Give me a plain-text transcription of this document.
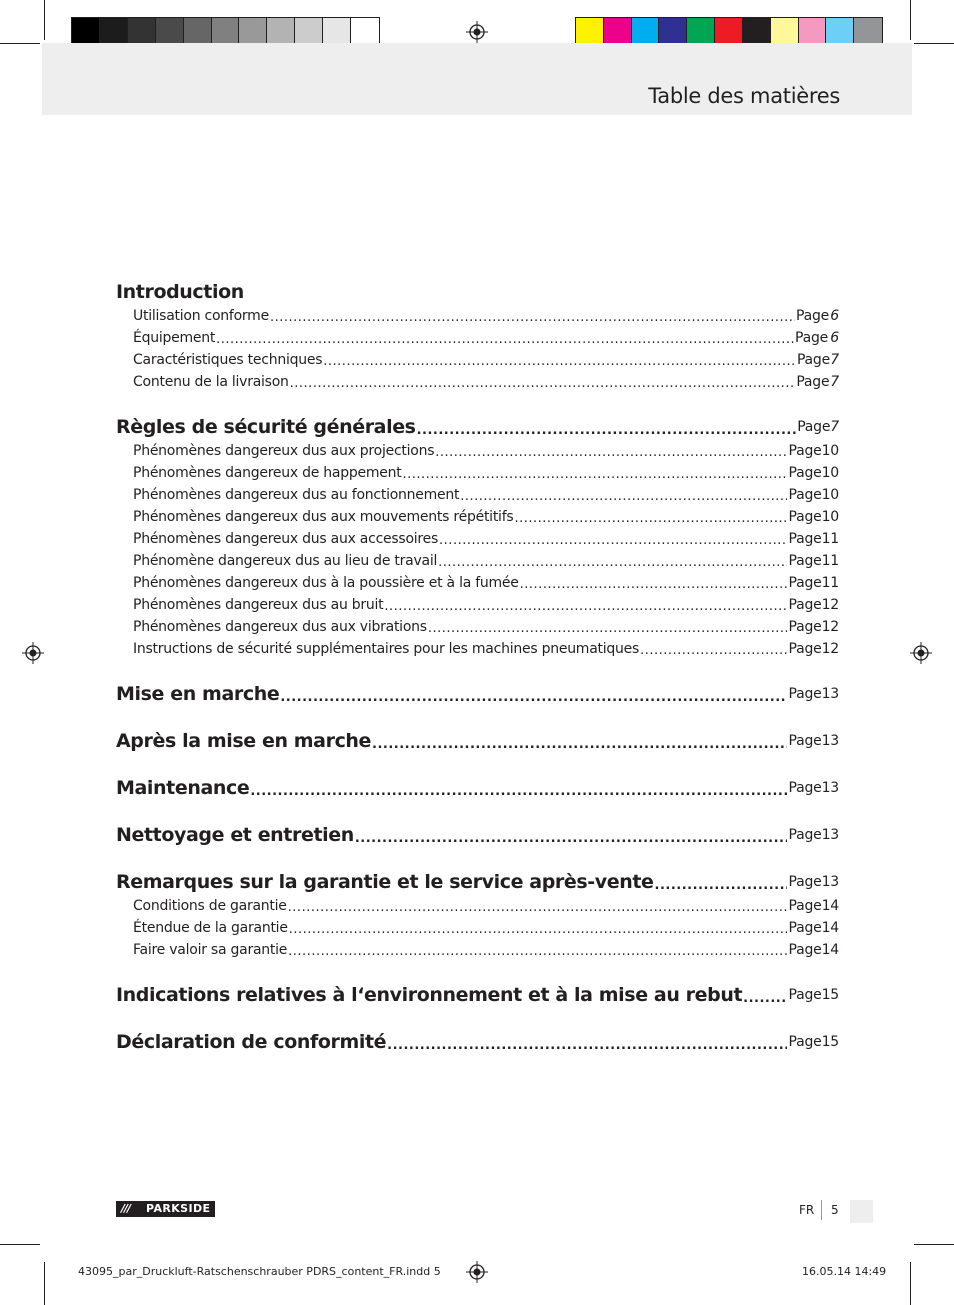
Table des matières
Introduction
Utilisation conforme .....	Page 6
Équipement .....	Page 6
Caractéristiques techniques .....	Page 7
Contenu de la livraison .....	Page 7
Règles de sécurité générales .....	Page 7
Phénomènes dangereux dus aux projections .....	Page 10
Phénomènes dangereux de happement .....	Page 10
Phénomènes dangereux dus au fonctionnement .....	Page 10
Phénomènes dangereux dus aux mouvements répétitifs .....	Page 10
Phénomènes dangereux dus aux accessoires .....	Page 11
Phénomène dangereux dus au lieu de travail .....	Page 11
Phénomènes dangereux dus à la poussière et à la fumée .....	Page 11
Phénomènes dangereux dus au bruit .....	Page 12
Phénomènes dangereux dus aux vibrations .....	Page 12
Instructions de sécurité supplémentaires pour les machines pneumatiques .....	Page 12
Mise en marche .....	Page 13
Après la mise en marche .....	Page 13
Maintenance .....	Page 13
Nettoyage et entretien .....	Page 13
Remarques sur la garantie et le service après-vente .....	Page 13
Conditions de garantie .....	Page 14
Étendue de la garantie .....	Page 14
Faire valoir sa garantie .....	Page 14
Indications relatives à l‘environnement et à la mise au rebut .....	Page 15
Déclaration de conformité .....	Page 15
/// PARKSIDE	FR 5
43095_par_Druckluft-Ratschenschrauber PDRS_content_FR.indd 5	16.05.14 14:49
